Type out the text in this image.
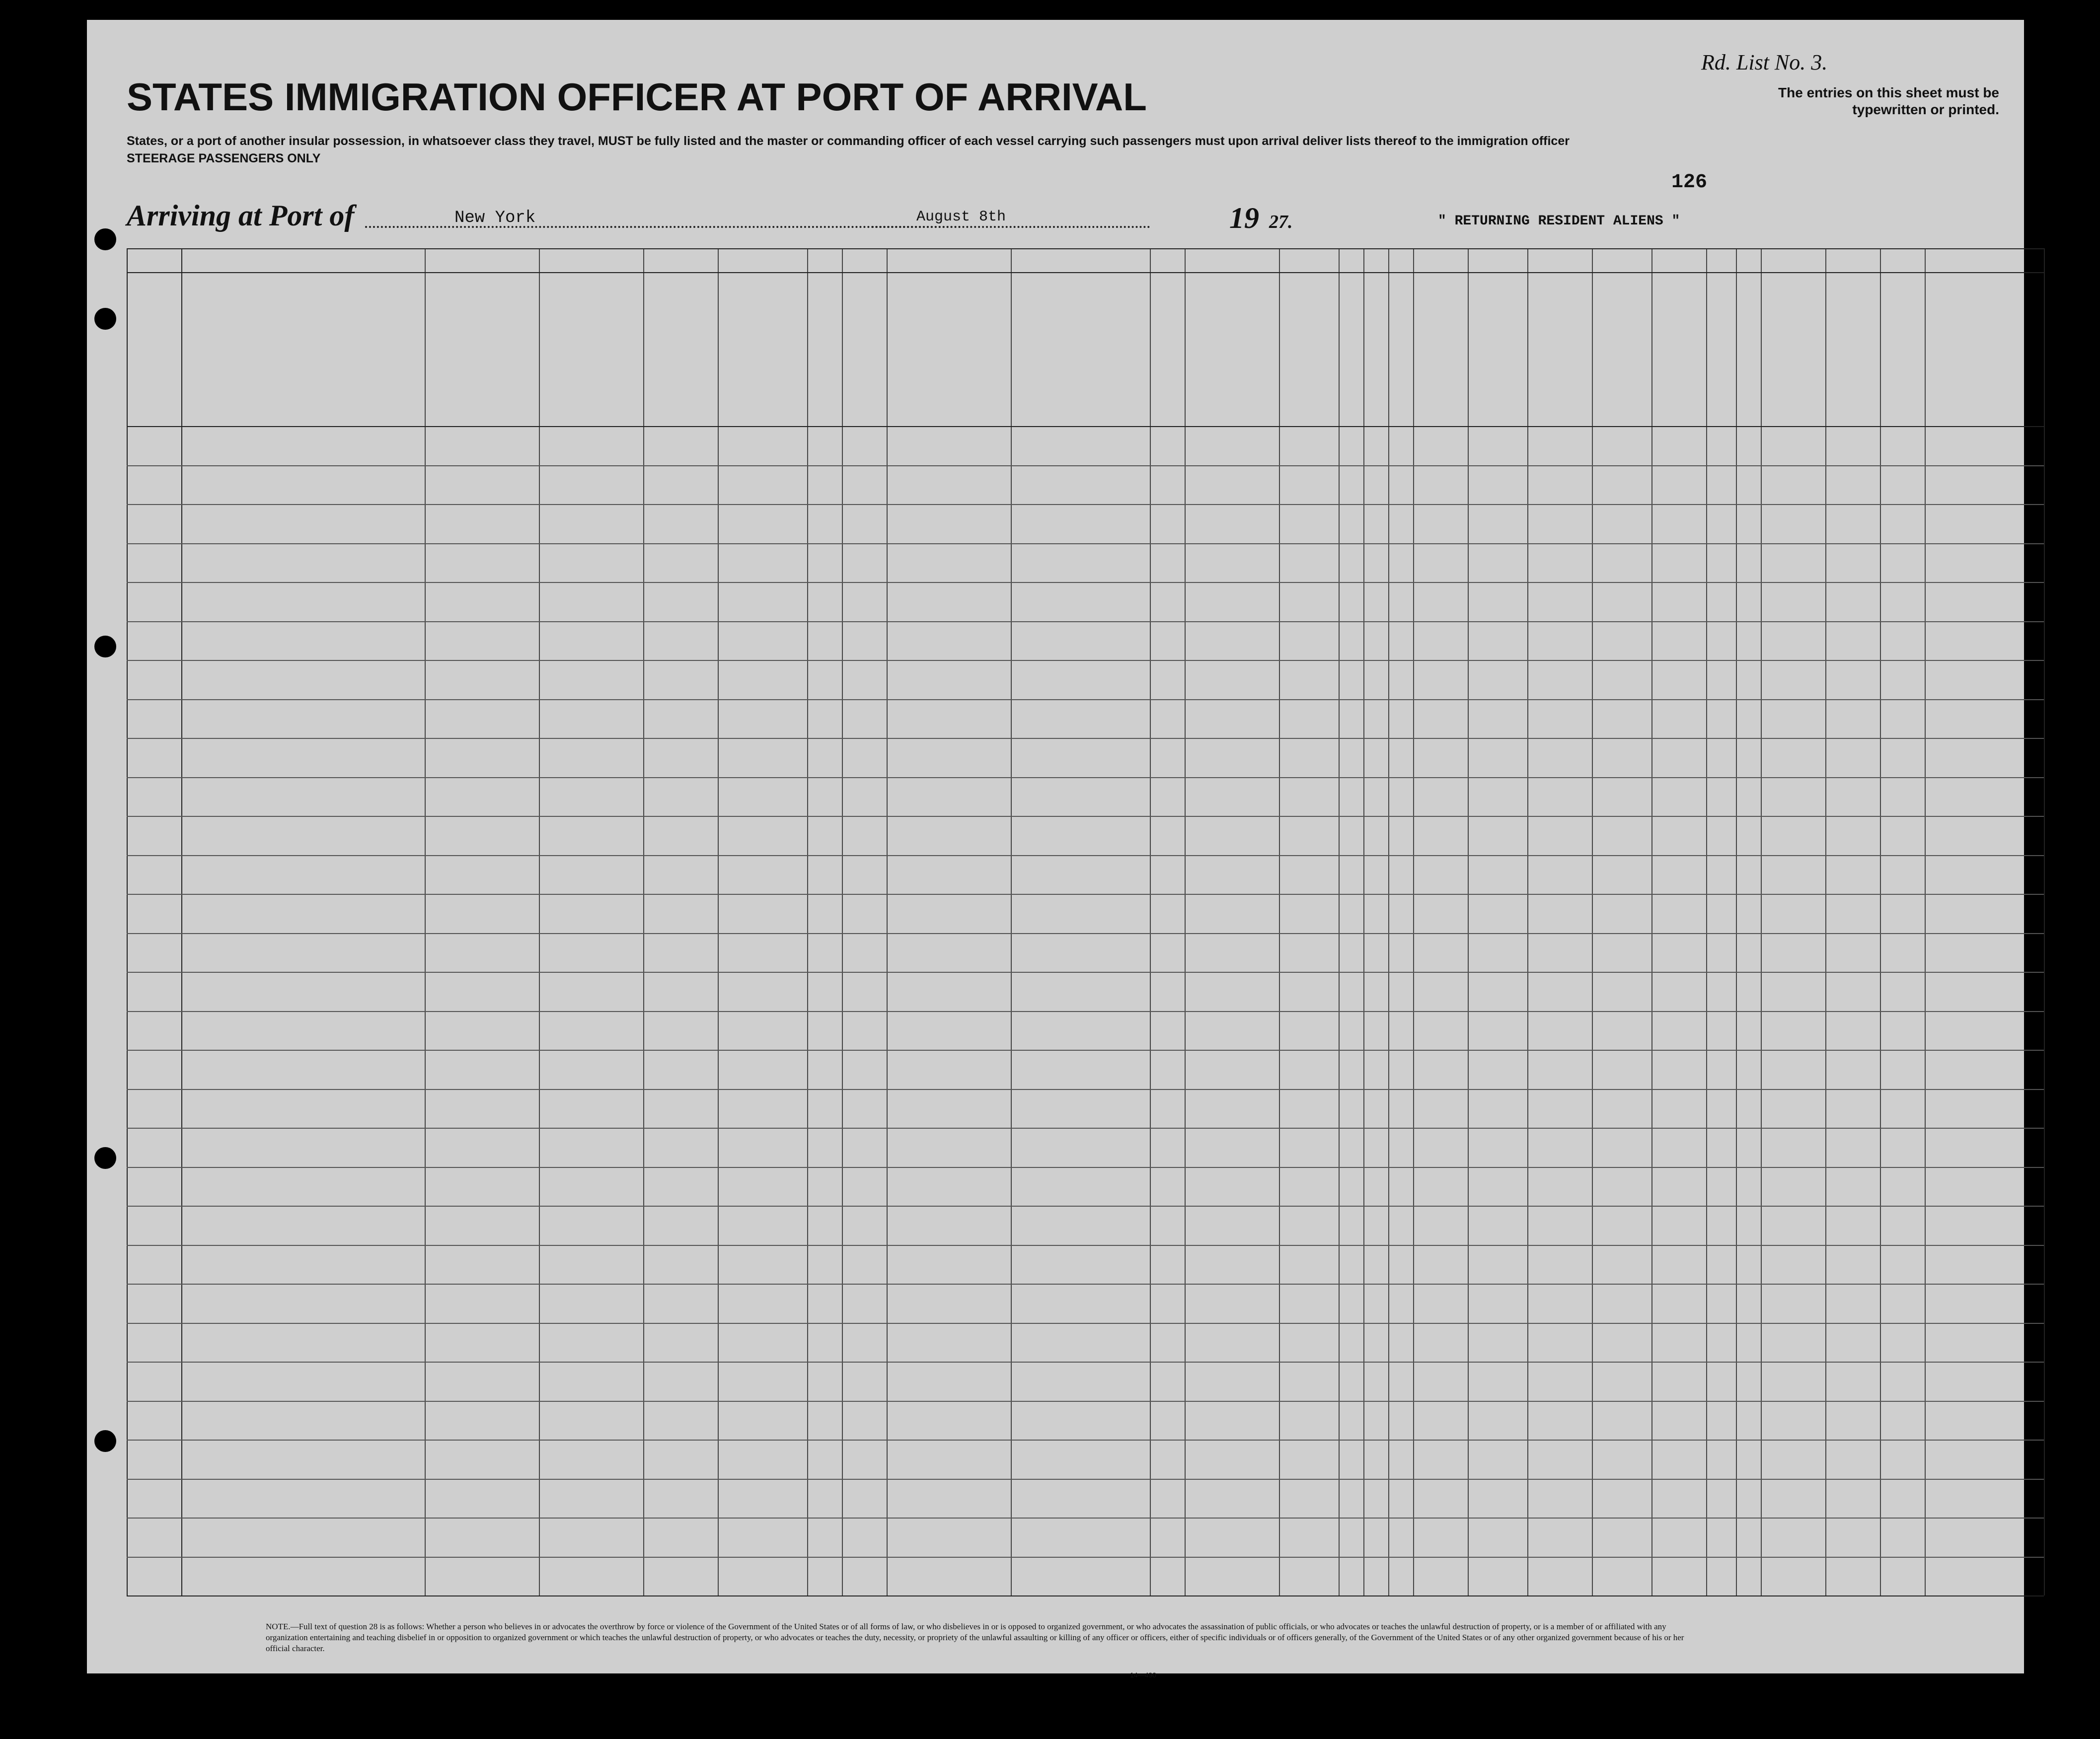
STATES IMMIGRATION OFFICER AT PORT OF ARRIVAL
Rd. List No. 3.
The entries on this sheet must be typewritten or printed.
States, or a port of another insular possession, in whatsoever class they travel, MUST be fully listed and the master or commanding officer of each vessel carrying such passengers must upon arrival deliver lists thereof to the immigration officer
STEERAGE PASSENGERS ONLY
126
Arriving at Port of	New York	August 8th	19 27.	" RETURNING RESIDENT ALIENS "
NOTE.—Full text of question 28 is as follows: Whether a person who believes in or advocates the overthrow by force or violence of the Government of the United States or of all forms of law, or who disbelieves in or is opposed to organized government, or who advocates the assassination of public officials, or who advocates or teaches the unlawful destruction of property, or is a member of or affiliated with any organization entertaining and teaching disbelief in or opposition to organized government or which teaches the unlawful destruction of property, or who advocates or teaches the duty, necessity, or propriety of the unlawful assaulting or killing of any officer or officers, either of specific individuals or of officers generally, of the Government of the United States or of any other organized government because of his or her official character.
14—490
